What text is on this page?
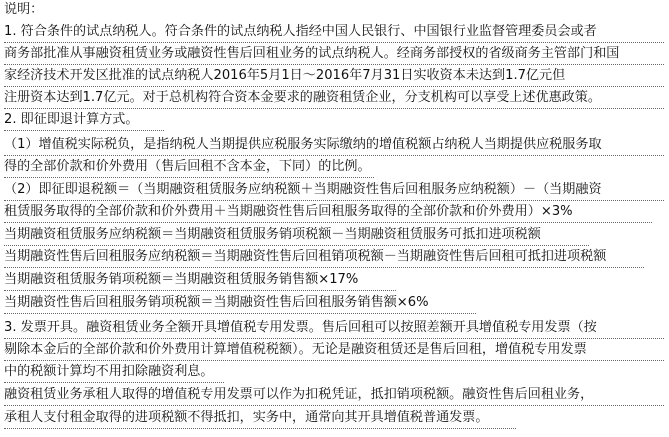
说明：
1. 符合条件的试点纳税人。符合条件的试点纳税人指经中国人民银行、中国银行业监督管理委员会或者
商务部批准从事融资租赁业务或融资性售后回租业务的试点纳税人。经商务部授权的省级商务主管部门和国
家经济技术开发区批准的试点纳税人2016年5月1日～2016年7月31日实收资本未达到1.7亿元但
注册资本达到1.7亿元。对于总机构符合资本金要求的融资租赁企业，分支机构可以享受上述优惠政策。
2. 即征即退计算方式。
（1）增值税实际税负，是指纳税人当期提供应税服务实际缴纳的增值税额占纳税人当期提供应税服务取
得的全部价款和价外费用（售后回租不含本金，下同）的比例。
（2）即征即退税额＝（当期融资租赁服务应纳税额＋当期融资性售后回租服务应纳税额）－（当期融资
租赁服务取得的全部价款和价外费用＋当期融资性售后回租服务取得的全部价款和价外费用）×3%
当期融资租赁服务应纳税额＝当期融资租赁服务销项税额－当期融资租赁服务可抵扣进项税额
当期融资性售后回租服务应纳税额＝当期融资性售后回租销项税额－当期融资性售后回租可抵扣进项税额
当期融资租赁服务销项税额＝当期融资租赁服务销售额×17%
当期融资性售后回租服务销项税额＝当期融资性售后回租服务销售额×6%
3. 发票开具。融资租赁业务全额开具增值税专用发票。售后回租可以按照差额开具增值税专用发票（按
剔除本金后的全部价款和价外费用计算增值税税额）。无论是融资租赁还是售后回租，增值税专用发票
中的税额计算均不用扣除融资利息。
融资租赁业务承租人取得的增值税专用发票可以作为扣税凭证，抵扣销项税额。融资性售后回租业务，
承租人支付租金取得的进项税额不得抵扣，实务中，通常向其开具增值税普通发票。
